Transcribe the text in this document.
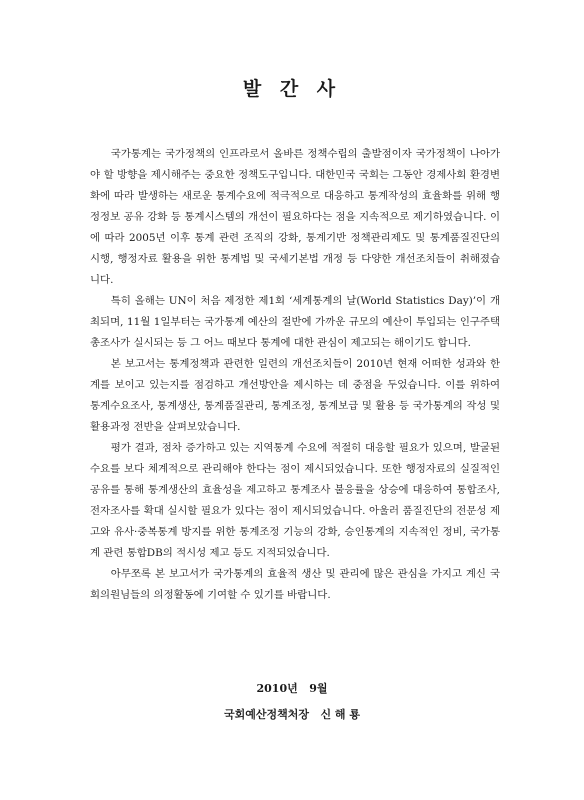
발 간 사

국가통계는 국가정책의 인프라로서 올바른 정책수립의 출발점이자 국가정책이 나아가야 할 방향을 제시해주는 중요한 정책도구입니다. 대한민국 국회는 그동안 경제사회 환경변화에 따라 발생하는 새로운 통계수요에 적극적으로 대응하고 통계작성의 효율화를 위해 행정정보 공유 강화 등 통계시스템의 개선이 필요하다는 점을 지속적으로 제기하였습니다. 이에 따라 2005년 이후 통계 관련 조직의 강화, 통계기반 정책관리제도 및 통계품질진단의 시행, 행정자료 활용을 위한 통계법 및 국세기본법 개정 등 다양한 개선조치들이 취해졌습니다.

특히 올해는 UN이 처음 제정한 제1회 ‘세계통계의 날(World Statistics Day)’이 개최되며, 11월 1일부터는 국가통계 예산의 절반에 가까운 규모의 예산이 투입되는 인구주택총조사가 실시되는 등 그 어느 때보다 통계에 대한 관심이 제고되는 해이기도 합니다.

본 보고서는 통계정책과 관련한 일련의 개선조치들이 2010년 현재 어떠한 성과와 한계를 보이고 있는지를 점검하고 개선방안을 제시하는 데 중점을 두었습니다. 이를 위하여 통계수요조사, 통계생산, 통계품질관리, 통계조정, 통계보급 및 활용 등 국가통계의 작성 및 활용과정 전반을 살펴보았습니다.

평가 결과, 점차 증가하고 있는 지역통계 수요에 적절히 대응할 필요가 있으며, 발굴된 수요를 보다 체계적으로 관리해야 한다는 점이 제시되었습니다. 또한 행정자료의 실질적인 공유를 통해 통계생산의 효율성을 제고하고 통계조사 불응률을 상승에 대응하여 통합조사, 전자조사를 확대 실시할 필요가 있다는 점이 제시되었습니다. 아울러 품질진단의 전문성 제고와 유사·중복통계 방지를 위한 통계조정 기능의 강화, 승인통계의 지속적인 정비, 국가통계 관련 통합DB의 적시성 제고 등도 지적되었습니다.

아무쪼록 본 보고서가 국가통계의 효율적 생산 및 관리에 많은 관심을 가지고 계신 국회의원님들의 의정활동에 기여할 수 있기를 바랍니다.

2010년   9월
국회예산정책처장   신 해 룡
